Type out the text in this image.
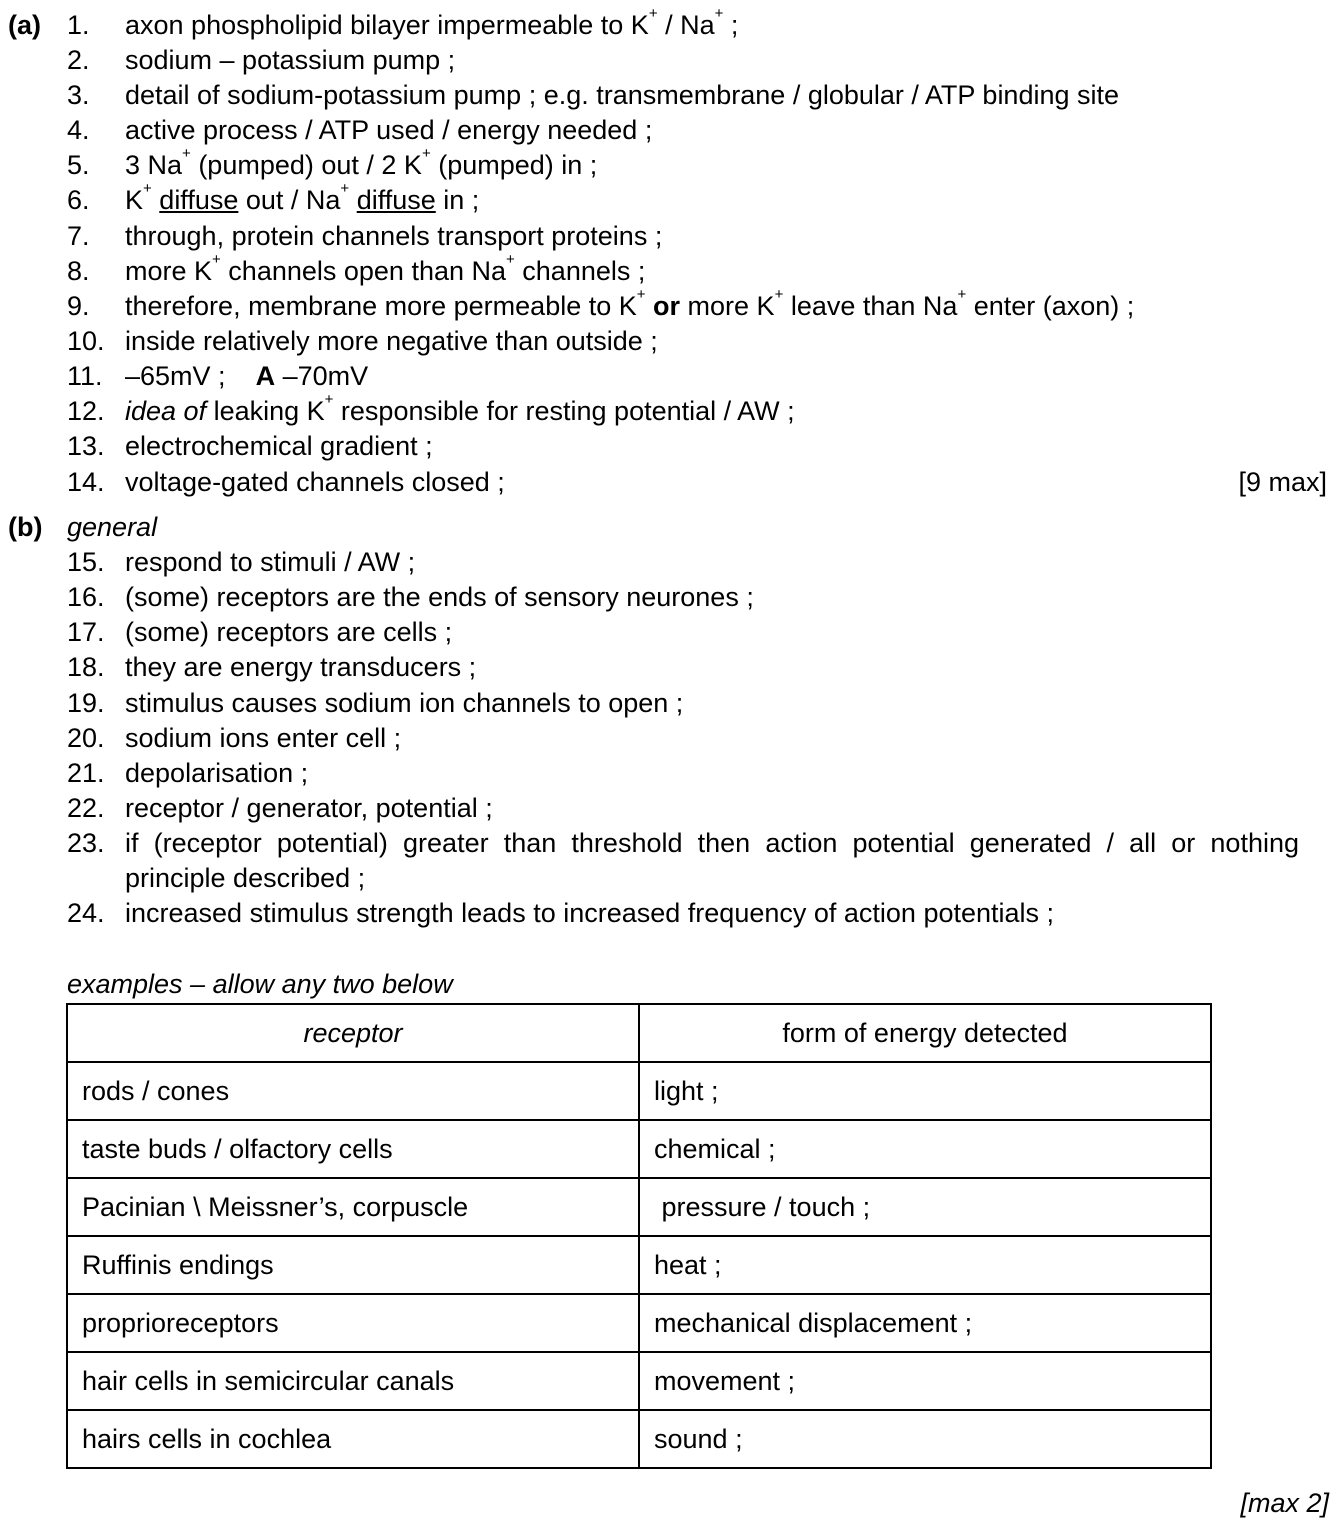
(a) 1. axon phospholipid bilayer impermeable to K+ / Na+ ;
2. sodium – potassium pump ;
3. detail of sodium-potassium pump ; e.g. transmembrane / globular / ATP binding site
4. active process / ATP used / energy needed ;
5. 3 Na+ (pumped) out / 2 K+ (pumped) in ;
6. K+ diffuse out / Na+ diffuse in ;
7. through, protein channels transport proteins ;
8. more K+ channels open than Na+ channels ;
9. therefore, membrane more permeable to K+ or more K+ leave than Na+ enter (axon) ;
10. inside relatively more negative than outside ;
11. –65mV ; A –70mV
12. idea of leaking K+ responsible for resting potential / AW ;
13. electrochemical gradient ;
14. voltage-gated channels closed ;	[9 max]
(b) general
15. respond to stimuli / AW ;
16. (some) receptors are the ends of sensory neurones ;
17. (some) receptors are cells ;
18. they are energy transducers ;
19. stimulus causes sodium ion channels to open ;
20. sodium ions enter cell ;
21. depolarisation ;
22. receptor / generator, potential ;
23. if (receptor potential) greater than threshold then action potential generated / all or nothing principle described ;
24. increased stimulus strength leads to increased frequency of action potentials ;
examples – allow any two below
receptor	form of energy detected
rods / cones	light ;
taste buds / olfactory cells	chemical ;
Pacinian \ Meissner’s, corpuscle	pressure / touch ;
Ruffinis endings	heat ;
proprioreceptors	mechanical displacement ;
hair cells in semicircular canals	movement ;
hairs cells in cochlea	sound ;
[max 2]
